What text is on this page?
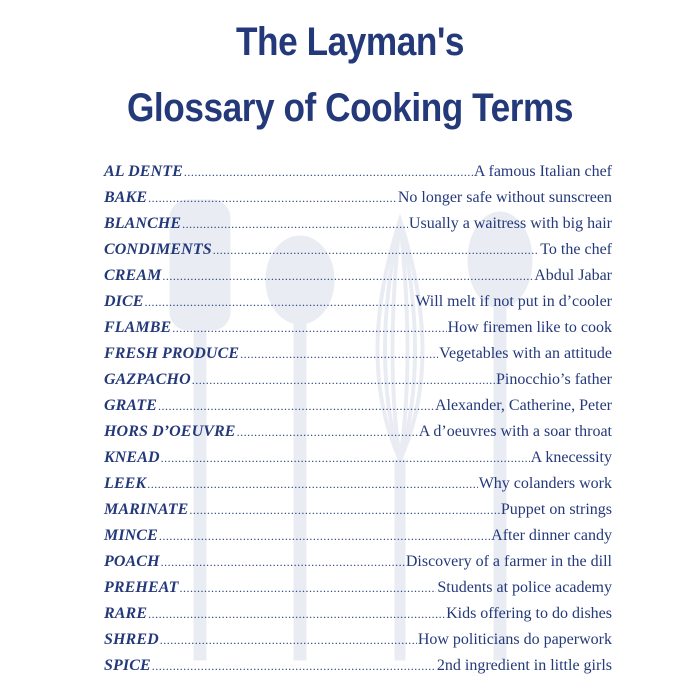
The Layman's
Glossary of Cooking Terms
AL DENTE .....	A famous Italian chef
BAKE .....	No longer safe without sunscreen
BLANCHE .....	Usually a waitress with big hair
CONDIMENTS .....	To the chef
CREAM .....	Abdul Jabar
DICE .....	Will melt if not put in d’cooler
FLAMBE .....	How firemen like to cook
FRESH PRODUCE .....	Vegetables with an attitude
GAZPACHO .....	Pinocchio’s father
GRATE .....	Alexander, Catherine, Peter
HORS D’OEUVRE .....	A d’oeuvres with a soar throat
KNEAD .....	A knecessity
LEEK .....	Why colanders work
MARINATE .....	Puppet on strings
MINCE .....	After dinner candy
POACH .....	Discovery of a farmer in the dill
PREHEAT .....	Students at police academy
RARE .....	Kids offering to do dishes
SHRED .....	How politicians do paperwork
SPICE .....	2nd ingredient in little girls
